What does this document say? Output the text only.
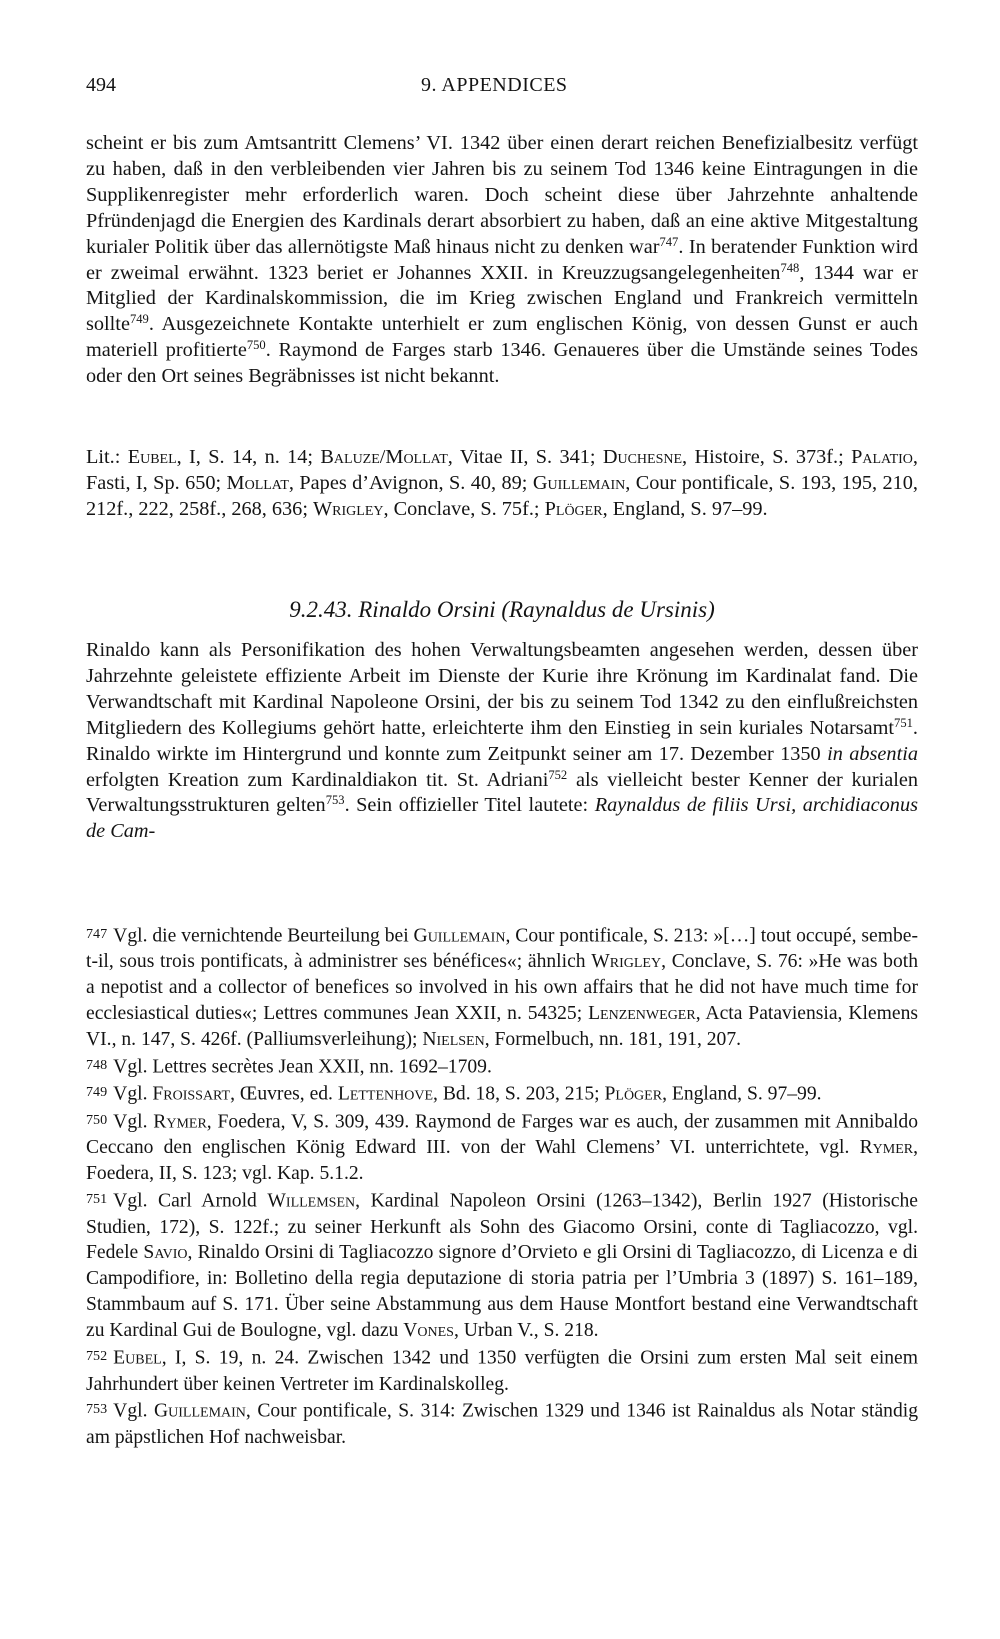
494	9. APPENDICES

scheint er bis zum Amtsantritt Clemens’ VI. 1342 über einen derart reichen Benefizialbesitz verfügt zu haben, daß in den verbleibenden vier Jahren bis zu seinem Tod 1346 keine Eintragungen in die Supplikenregister mehr erforderlich waren. Doch scheint diese über Jahrzehnte anhaltende Pfründenjagd die Energien des Kardinals derart absorbiert zu haben, daß an eine aktive Mitgestaltung kurialer Politik über das allernötigste Maß hinaus nicht zu denken war$^{747}$. In beratender Funktion wird er zweimal erwähnt. 1323 beriet er Johannes XXII. in Kreuzzugsangelegenheiten$^{748}$, 1344 war er Mitglied der Kardinalskommission, die im Krieg zwischen England und Frankreich vermitteln sollte$^{749}$. Ausgezeichnete Kontakte unterhielt er zum englischen König, von dessen Gunst er auch materiell profitierte$^{750}$. Raymond de Farges starb 1346. Genaueres über die Umstände seines Todes oder den Ort seines Begräbnisses ist nicht bekannt.

Lit.: Eubel, I, S. 14, n. 14; Baluze/Mollat, Vitae II, S. 341; Duchesne, Histoire, S. 373f.; Palatio, Fasti, I, Sp. 650; Mollat, Papes d’Avignon, S. 40, 89; Guillemain, Cour pontificale, S. 193, 195, 210, 212f., 222, 258f., 268, 636; Wrigley, Conclave, S. 75f.; Plöger, England, S. 97–99.

9.2.43. Rinaldo Orsini (Raynaldus de Ursinis)

Rinaldo kann als Personifikation des hohen Verwaltungsbeamten angesehen werden, dessen über Jahrzehnte geleistete effiziente Arbeit im Dienste der Kurie ihre Krönung im Kardinalat fand. Die Verwandtschaft mit Kardinal Napoleone Orsini, der bis zu seinem Tod 1342 zu den einflußreichsten Mitgliedern des Kollegiums gehört hatte, erleichterte ihm den Einstieg in sein kuriales Notarsamt$^{751}$. Rinaldo wirkte im Hintergrund und konnte zum Zeitpunkt seiner am 17. Dezember 1350 in absentia erfolgten Kreation zum Kardinaldiakon tit. St. Adriani$^{752}$ als vielleicht bester Kenner der kurialen Verwaltungsstrukturen gelten$^{753}$. Sein offizieller Titel lautete: Raynaldus de filiis Ursi, archidiaconus de Cam-

747 Vgl. die vernichtende Beurteilung bei Guillemain, Cour pontificale, S. 213: »[…] tout occupé, sembe-t-il, sous trois pontificats, à administrer ses bénéfices«; ähnlich Wrigley, Conclave, S. 76: »He was both a nepotist and a collector of benefices so involved in his own affairs that he did not have much time for ecclesiastical duties«; Lettres communes Jean XXII, n. 54325; Lenzenweger, Acta Pataviensia, Klemens VI., n. 147, S. 426f. (Palliumsverleihung); Nielsen, Formelbuch, nn. 181, 191, 207.

748 Vgl. Lettres secrètes Jean XXII, nn. 1692–1709.

749 Vgl. Froissart, Œuvres, ed. Lettenhove, Bd. 18, S. 203, 215; Plöger, England, S. 97–99.

750 Vgl. Rymer, Foedera, V, S. 309, 439. Raymond de Farges war es auch, der zusammen mit Annibaldo Ceccano den englischen König Edward III. von der Wahl Clemens’ VI. unterrichtete, vgl. Rymer, Foedera, II, S. 123; vgl. Kap. 5.1.2.

751 Vgl. Carl Arnold Willemsen, Kardinal Napoleon Orsini (1263–1342), Berlin 1927 (Historische Studien, 172), S. 122f.; zu seiner Herkunft als Sohn des Giacomo Orsini, conte di Tagliacozzo, vgl. Fedele Savio, Rinaldo Orsini di Tagliacozzo signore d’Orvieto e gli Orsini di Tagliacozzo, di Licenza e di Campodifiore, in: Bolletino della regia deputazione di storia patria per l’Umbria 3 (1897) S. 161–189, Stammbaum auf S. 171. Über seine Abstammung aus dem Hause Montfort bestand eine Verwandtschaft zu Kardinal Gui de Boulogne, vgl. dazu Vones, Urban V., S. 218.

752 Eubel, I, S. 19, n. 24. Zwischen 1342 und 1350 verfügten die Orsini zum ersten Mal seit einem Jahrhundert über keinen Vertreter im Kardinalskolleg.

753 Vgl. Guillemain, Cour pontificale, S. 314: Zwischen 1329 und 1346 ist Rainaldus als Notar ständig am päpstlichen Hof nachweisbar.
